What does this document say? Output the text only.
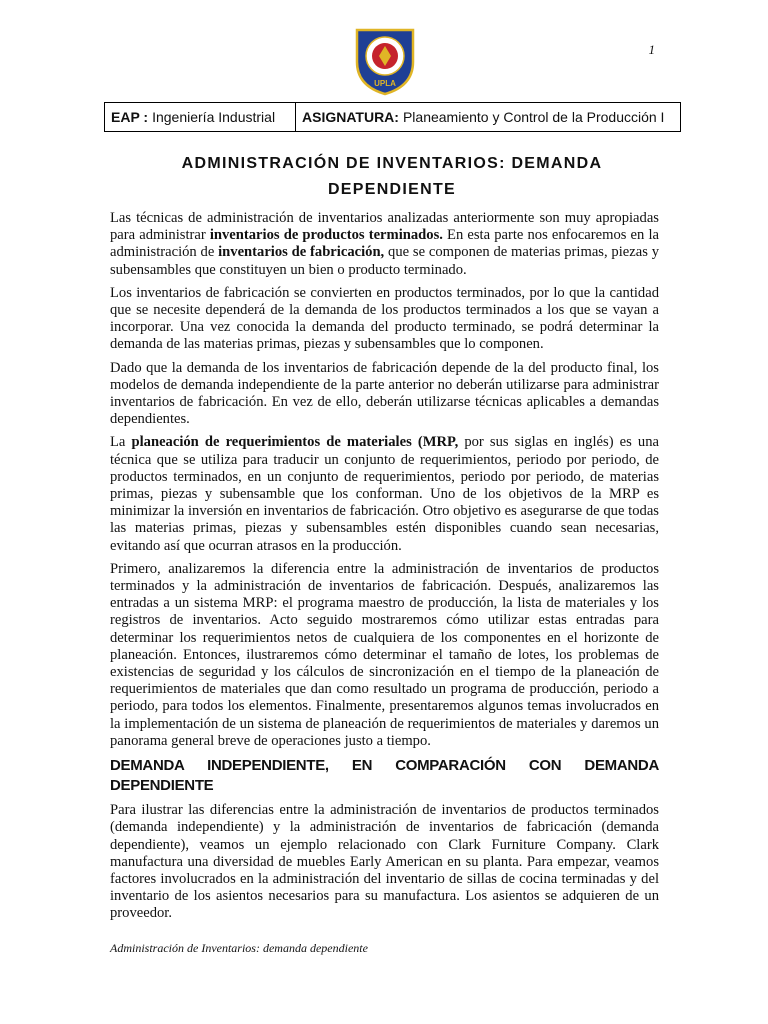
1
UPLA
EAP : Ingeniería Industrial ASIGNATURA: Planeamiento y Control de la Producción I
ADMINISTRACIÓN DE INVENTARIOS: DEMANDA
DEPENDIENTE

Las técnicas de administración de inventarios analizadas anteriormente son muy apropiadas para administrar inventarios de productos terminados. En esta parte nos enfocaremos en la administración de inventarios de fabricación, que se componen de materias primas, piezas y subensambles que constituyen un bien o producto terminado.

Los inventarios de fabricación se convierten en productos terminados, por lo que la cantidad que se necesite dependerá de la demanda de los productos terminados a los que se vayan a incorporar. Una vez conocida la demanda del producto terminado, se podrá determinar la demanda de las materias primas, piezas y subensambles que lo componen.

Dado que la demanda de los inventarios de fabricación depende de la del producto final, los modelos de demanda independiente de la parte anterior no deberán utilizarse para administrar inventarios de fabricación. En vez de ello, deberán utilizarse técnicas aplicables a demandas dependientes.

La planeación de requerimientos de materiales (MRP, por sus siglas en inglés) es una técnica que se utiliza para traducir un conjunto de requerimientos, periodo por periodo, de productos terminados, en un conjunto de requerimientos, periodo por periodo, de materias primas, piezas y subensamble que los conforman. Uno de los objetivos de la MRP es minimizar la inversión en inventarios de fabricación. Otro objetivo es asegurarse de que todas las materias primas, piezas y subensambles estén disponibles cuando sean necesarias, evitando así que ocurran atrasos en la producción.

Primero, analizaremos la diferencia entre la administración de inventarios de productos terminados y la administración de inventarios de fabricación. Después, analizaremos las entradas a un sistema MRP: el programa maestro de producción, la lista de materiales y los registros de inventarios. Acto seguido mostraremos cómo utilizar estas entradas para determinar los requerimientos netos de cualquiera de los componentes en el horizonte de planeación. Entonces, ilustraremos cómo determinar el tamaño de lotes, los problemas de existencias de seguridad y los cálculos de sincronización en el tiempo de la planeación de requerimientos de materiales que dan como resultado un programa de producción, periodo a periodo, para todos los elementos. Finalmente, presentaremos algunos temas involucrados en la implementación de un sistema de planeación de requerimientos de materiales y daremos un panorama general breve de operaciones justo a tiempo.

DEMANDA INDEPENDIENTE, EN COMPARACIÓN CON DEMANDA DEPENDIENTE

Para ilustrar las diferencias entre la administración de inventarios de productos terminados (demanda independiente) y la administración de inventarios de fabricación (demanda dependiente), veamos un ejemplo relacionado con Clark Furniture Company. Clark manufactura una diversidad de muebles Early American en su planta. Para empezar, veamos factores involucrados en la administración del inventario de sillas de cocina terminadas y del inventario de los asientos necesarios para su manufactura. Los asientos se adquieren de un proveedor.

Administración de Inventarios: demanda dependiente
